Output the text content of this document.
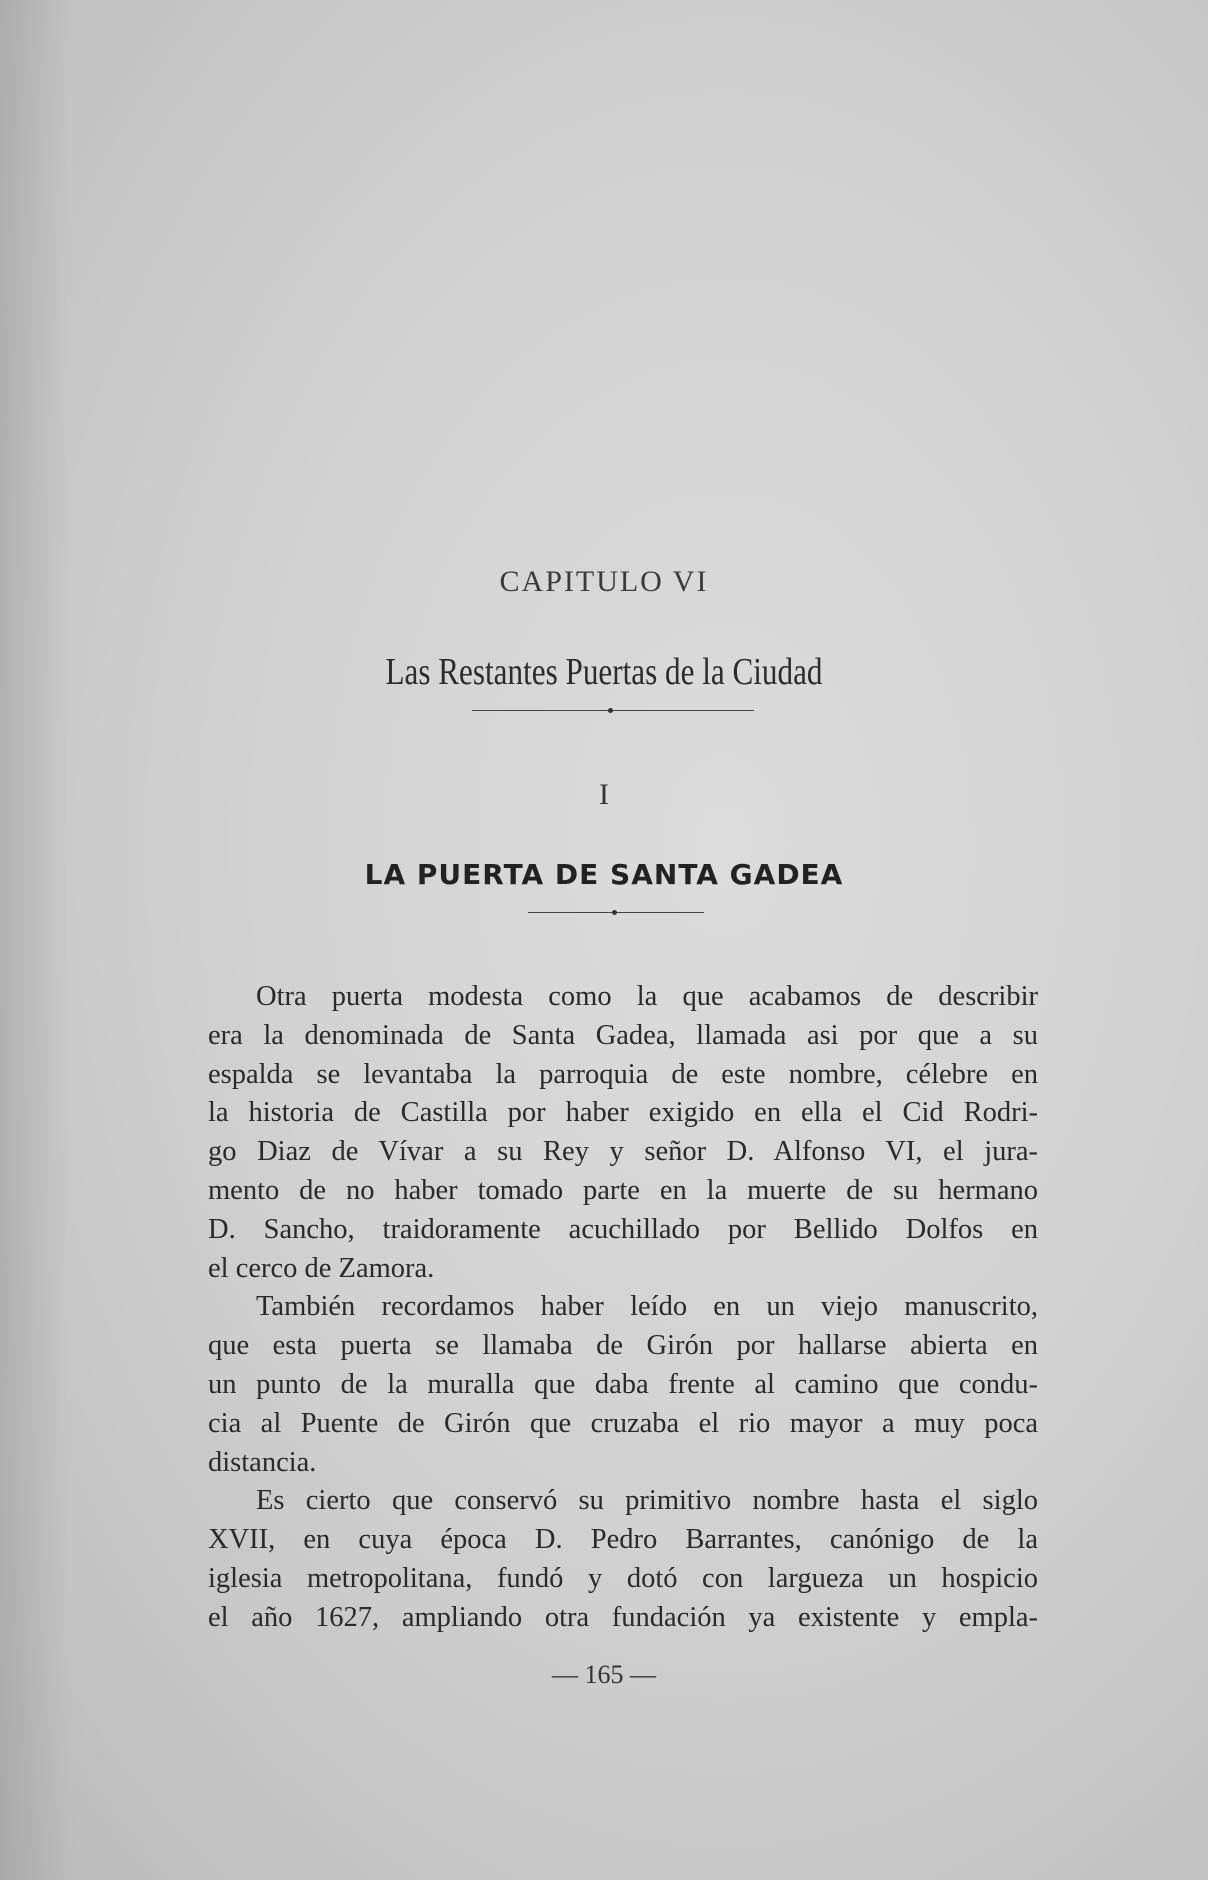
CAPITULO VI
Las Restantes Puertas de la Ciudad
I
LA PUERTA DE SANTA GADEA

Otra puerta modesta como la que acabamos de describir
era la denominada de Santa Gadea, llamada asi por que a su
espalda se levantaba la parroquia de este nombre, célebre en
la historia de Castilla por haber exigido en ella el Cid Rodri-
go Diaz de Vívar a su Rey y señor D. Alfonso VI, el jura-
mento de no haber tomado parte en la muerte de su hermano
D. Sancho, traidoramente acuchillado por Bellido Dolfos en
el cerco de Zamora.

También recordamos haber leído en un viejo manuscrito,
que esta puerta se llamaba de Girón por hallarse abierta en
un punto de la muralla que daba frente al camino que condu-
cia al Puente de Girón que cruzaba el rio mayor a muy poca
distancia.

Es cierto que conservó su primitivo nombre hasta el siglo
XVII, en cuya época D. Pedro Barrantes, canónigo de la
iglesia metropolitana, fundó y dotó con largueza un hospicio
el año 1627, ampliando otra fundación ya existente y empla-

— 165 —
